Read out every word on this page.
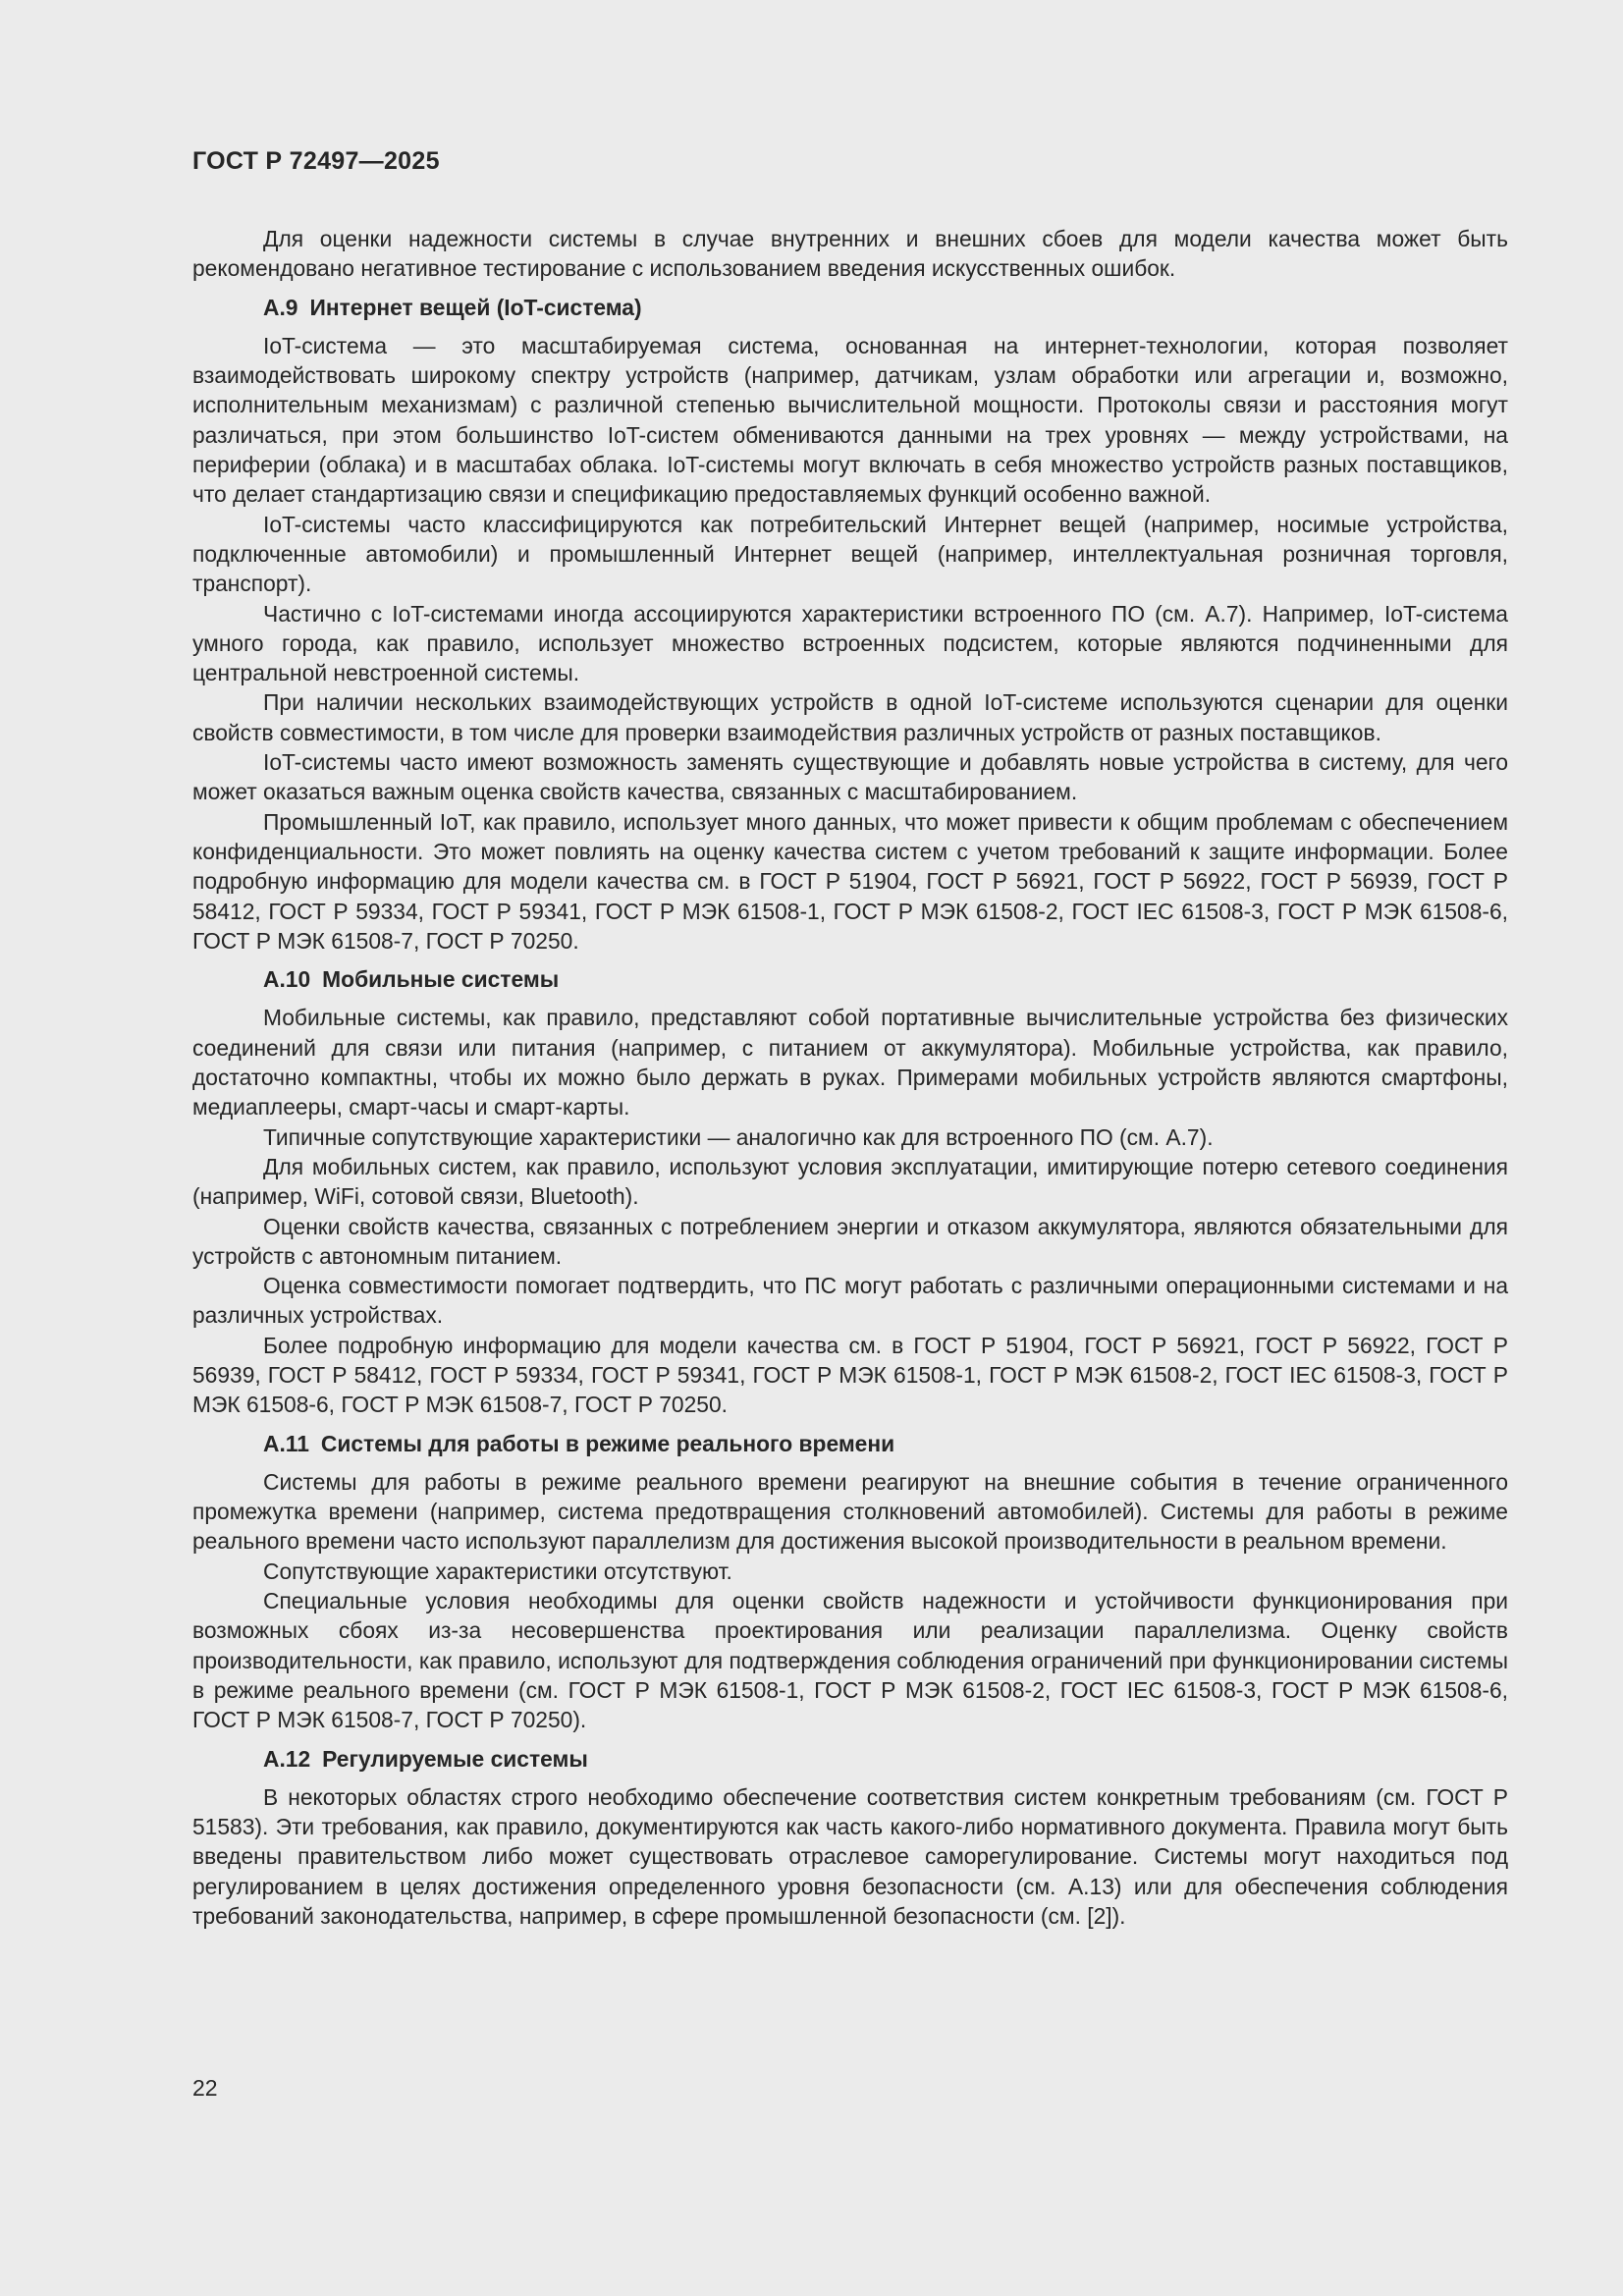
ГОСТ Р 72497—2025

Для оценки надежности системы в случае внутренних и внешних сбоев для модели качества может быть рекомендовано негативное тестирование с использованием введения искусственных ошибок.

А.9 Интернет вещей (IoT-система)

IoT-система — это масштабируемая система, основанная на интернет-технологии, которая позволяет взаимодействовать широкому спектру устройств (например, датчикам, узлам обработки или агрегации и, возможно, исполнительным механизмам) с различной степенью вычислительной мощности. Протоколы связи и расстояния могут различаться, при этом большинство IoT-систем обмениваются данными на трех уровнях — между устройствами, на периферии (облака) и в масштабах облака. IoT-системы могут включать в себя множество устройств разных поставщиков, что делает стандартизацию связи и спецификацию предоставляемых функций особенно важной.

IoT-системы часто классифицируются как потребительский Интернет вещей (например, носимые устройства, подключенные автомобили) и промышленный Интернет вещей (например, интеллектуальная розничная торговля, транспорт).

Частично с IoT-системами иногда ассоциируются характеристики встроенного ПО (см. А.7). Например, IoT-система умного города, как правило, использует множество встроенных подсистем, которые являются подчиненными для центральной невстроенной системы.

При наличии нескольких взаимодействующих устройств в одной IoT-системе используются сценарии для оценки свойств совместимости, в том числе для проверки взаимодействия различных устройств от разных поставщиков.

IoT-системы часто имеют возможность заменять существующие и добавлять новые устройства в систему, для чего может оказаться важным оценка свойств качества, связанных с масштабированием.

Промышленный IoT, как правило, использует много данных, что может привести к общим проблемам с обеспечением конфиденциальности. Это может повлиять на оценку качества систем с учетом требований к защите информации. Более подробную информацию для модели качества см. в ГОСТ Р 51904, ГОСТ Р 56921, ГОСТ Р 56922, ГОСТ Р 56939, ГОСТ Р 58412, ГОСТ Р 59334, ГОСТ Р 59341, ГОСТ Р МЭК 61508-1, ГОСТ Р МЭК 61508-2, ГОСТ IEC 61508-3, ГОСТ Р МЭК 61508-6, ГОСТ Р МЭК 61508-7, ГОСТ Р 70250.

А.10 Мобильные системы

Мобильные системы, как правило, представляют собой портативные вычислительные устройства без физических соединений для связи или питания (например, с питанием от аккумулятора). Мобильные устройства, как правило, достаточно компактны, чтобы их можно было держать в руках. Примерами мобильных устройств являются смартфоны, медиаплееры, смарт-часы и смарт-карты.

Типичные сопутствующие характеристики — аналогично как для встроенного ПО (см. А.7).

Для мобильных систем, как правило, используют условия эксплуатации, имитирующие потерю сетевого соединения (например, WiFi, сотовой связи, Bluetooth).

Оценки свойств качества, связанных с потреблением энергии и отказом аккумулятора, являются обязательными для устройств с автономным питанием.

Оценка совместимости помогает подтвердить, что ПС могут работать с различными операционными системами и на различных устройствах.

Более подробную информацию для модели качества см. в ГОСТ Р 51904, ГОСТ Р 56921, ГОСТ Р 56922, ГОСТ Р 56939, ГОСТ Р 58412, ГОСТ Р 59334, ГОСТ Р 59341, ГОСТ Р МЭК 61508-1, ГОСТ Р МЭК 61508-2, ГОСТ IEC 61508-3, ГОСТ Р МЭК 61508-6, ГОСТ Р МЭК 61508-7, ГОСТ Р 70250.

А.11 Системы для работы в режиме реального времени

Системы для работы в режиме реального времени реагируют на внешние события в течение ограниченного промежутка времени (например, система предотвращения столкновений автомобилей). Системы для работы в режиме реального времени часто используют параллелизм для достижения высокой производительности в реальном времени.

Сопутствующие характеристики отсутствуют.

Специальные условия необходимы для оценки свойств надежности и устойчивости функционирования при возможных сбоях из-за несовершенства проектирования или реализации параллелизма. Оценку свойств производительности, как правило, используют для подтверждения соблюдения ограничений при функционировании системы в режиме реального времени (см. ГОСТ Р МЭК 61508-1, ГОСТ Р МЭК 61508-2, ГОСТ IEC 61508-3, ГОСТ Р МЭК 61508-6, ГОСТ Р МЭК 61508-7, ГОСТ Р 70250).

А.12 Регулируемые системы

В некоторых областях строго необходимо обеспечение соответствия систем конкретным требованиям (см. ГОСТ Р 51583). Эти требования, как правило, документируются как часть какого-либо нормативного документа. Правила могут быть введены правительством либо может существовать отраслевое саморегулирование. Системы могут находиться под регулированием в целях достижения определенного уровня безопасности (см. А.13) или для обеспечения соблюдения требований законодательства, например, в сфере промышленной безопасности (см. [2]).

22
